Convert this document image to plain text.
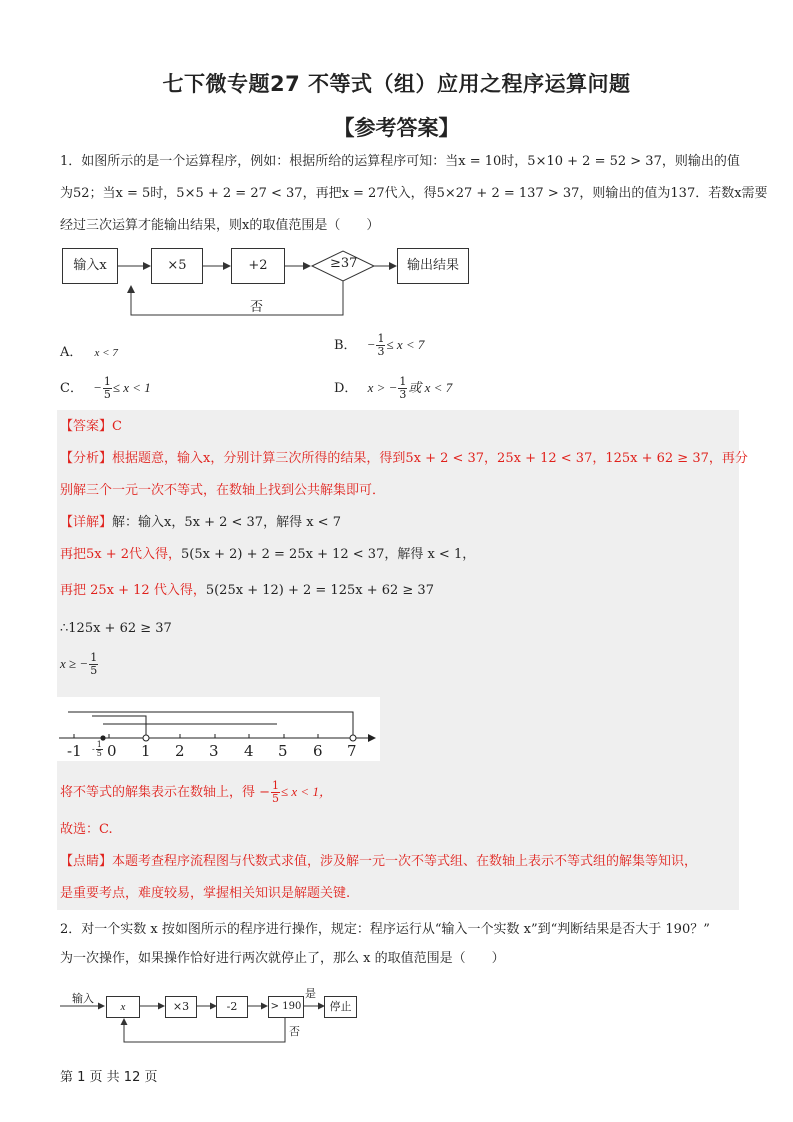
七下微专题27 不等式（组）应用之程序运算问题
【参考答案】
1．如图所示的是一个运算程序，例如：根据所给的运算程序可知：当x = 10时，5×10 + 2 = 52 > 37，则输出的值
为52；当x = 5时，5×5 + 2 = 27 < 37，再把x = 27代入，得5×27 + 2 = 137 > 37，则输出的值为137．若数x需要
经过三次运算才能输出结果，则x的取值范围是（　　）
输入x	×5	+2	≥37	输出结果
否
A． x < 7	B． − $\frac{1}{3} \le x < 7$
C． − $\frac{1}{5} \le x < 1$	D． x > − $\frac{1}{3}$ 或 x < 7
【答案】C
【分析】根据题意，输入x，分别计算三次所得的结果，得到5x + 2 < 37，25x + 12 < 37，125x + 62 ≥ 37，再分
别解三个一元一次不等式，在数轴上找到公共解集即可．
【详解】解：输入x，5x + 2 < 37，解得 x < 7
再把5x + 2代入得，5(5x + 2) + 2 = 25x + 12 < 37，解得 x < 1，
再把 25x + 12 代入得，5(25x + 12) + 2 = 125x + 62 ≥ 37
∴125x + 62 ≥ 37
x ≥ − $\frac{1}{5}$
$-1 - \frac{1}{5} 0$ 1 2 3 4 5 6 7
将不等式的解集表示在数轴上，得 − $\frac{1}{5} \le x < 1$，
故选：C.
【点睛】本题考查程序流程图与代数式求值，涉及解一元一次不等式组、在数轴上表示不等式组的解集等知识，
是重要考点，难度较易，掌握相关知识是解题关键.
2．对一个实数 x 按如图所示的程序进行操作，规定：程序运行从“输入一个实数 x”到“判断结果是否大于 190？”
为一次操作，如果操作恰好进行两次就停止了，那么 x 的取值范围是（　　）
输入
x	×3	-2	> 190
是
停止
否
第 1 页 共 12 页
